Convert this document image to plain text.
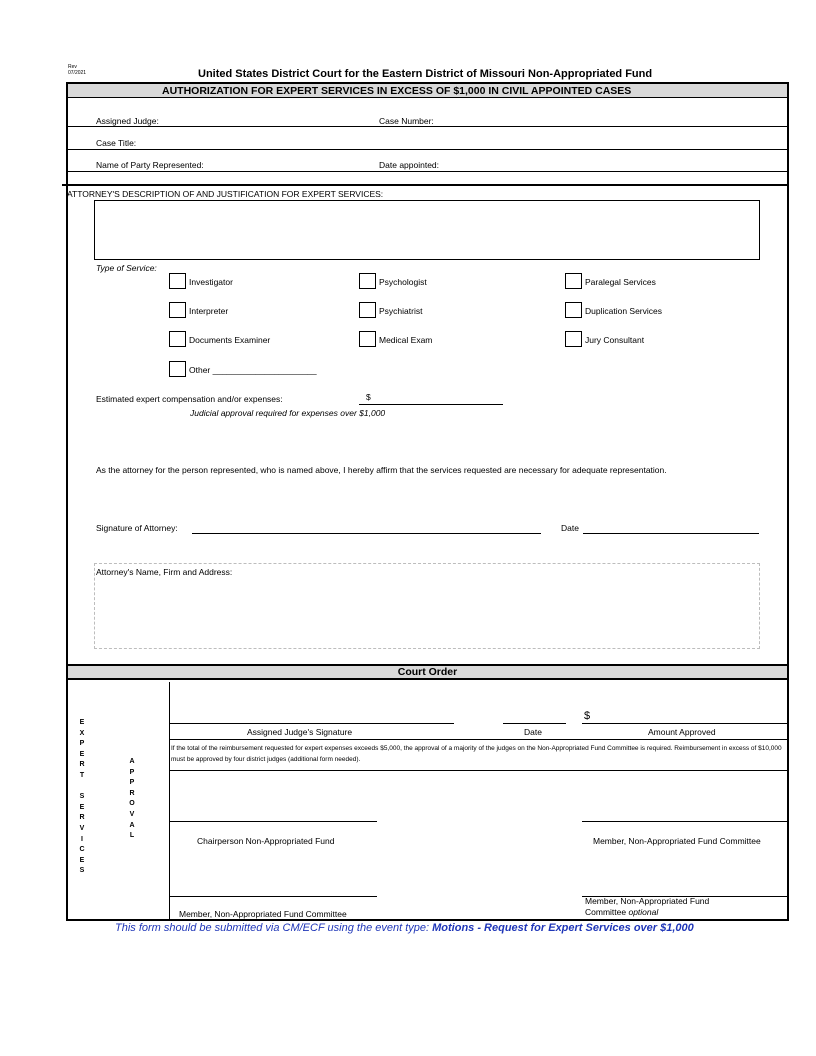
Rev
07/2021	United States District Court for the Eastern District of Missouri Non-Appropriated Fund
AUTHORIZATION FOR EXPERT SERVICES IN EXCESS OF $1,000 IN CIVIL APPOINTED CASES
Assigned Judge:	Case Number:
Case Title:
Name of Party Represented:	Date appointed:
ATTORNEY'S DESCRIPTION OF AND JUSTIFICATION FOR EXPERT SERVICES:
Type of Service:
Investigator	Psychologist	Paralegal Services
Interpreter	Psychiatrist	Duplication Services
Documents Examiner	Medical Exam	Jury Consultant
Other ______________________
Estimated expert compensation and/or expenses:	$
Judicial approval required for expenses over $1,000
As the attorney for the person represented, who is named above, I hereby affirm that the services requested are necessary for adequate representation.
Signature of Attorney:	Date
Attorney's Name, Firm and Address:
Court Order
E
X
P
E
R
T
S
E
R
V
I
C
E
S
A
P
P
R
O
V
A
L
$
Assigned Judge's Signature	Date	Amount Approved
If the total of the reimbursement requested for expert expenses exceeds $5,000, the approval of a majority of the judges on the Non-Appropriated Fund Committee is required. Reimbursement in excess of $10,000 must be approved by four district judges (additional form needed).
Chairperson Non-Appropriated Fund	Member, Non-Appropriated Fund Committee
Member, Non-Appropriated Fund Committee
Member, Non-Appropriated Fund
Committee optional
This form should be submitted via CM/ECF using the event type: Motions - Request for Expert Services over $1,000
